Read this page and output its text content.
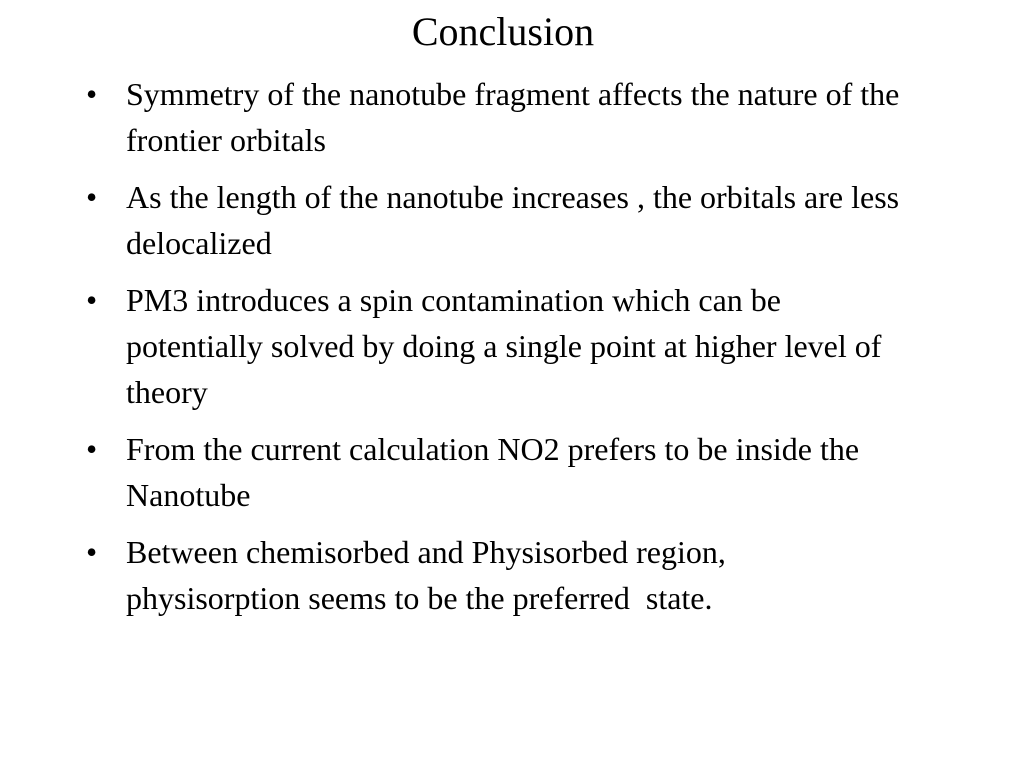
Conclusion
• Symmetry of the nanotube fragment affects the nature of the frontier orbitals
• As the length of the nanotube increases , the orbitals are less delocalized
• PM3 introduces a spin contamination which can be potentially solved by doing a single point at higher level of theory
• From the current calculation NO2 prefers to be inside the Nanotube
• Between chemisorbed and Physisorbed region, physisorption seems to be the preferred  state.
